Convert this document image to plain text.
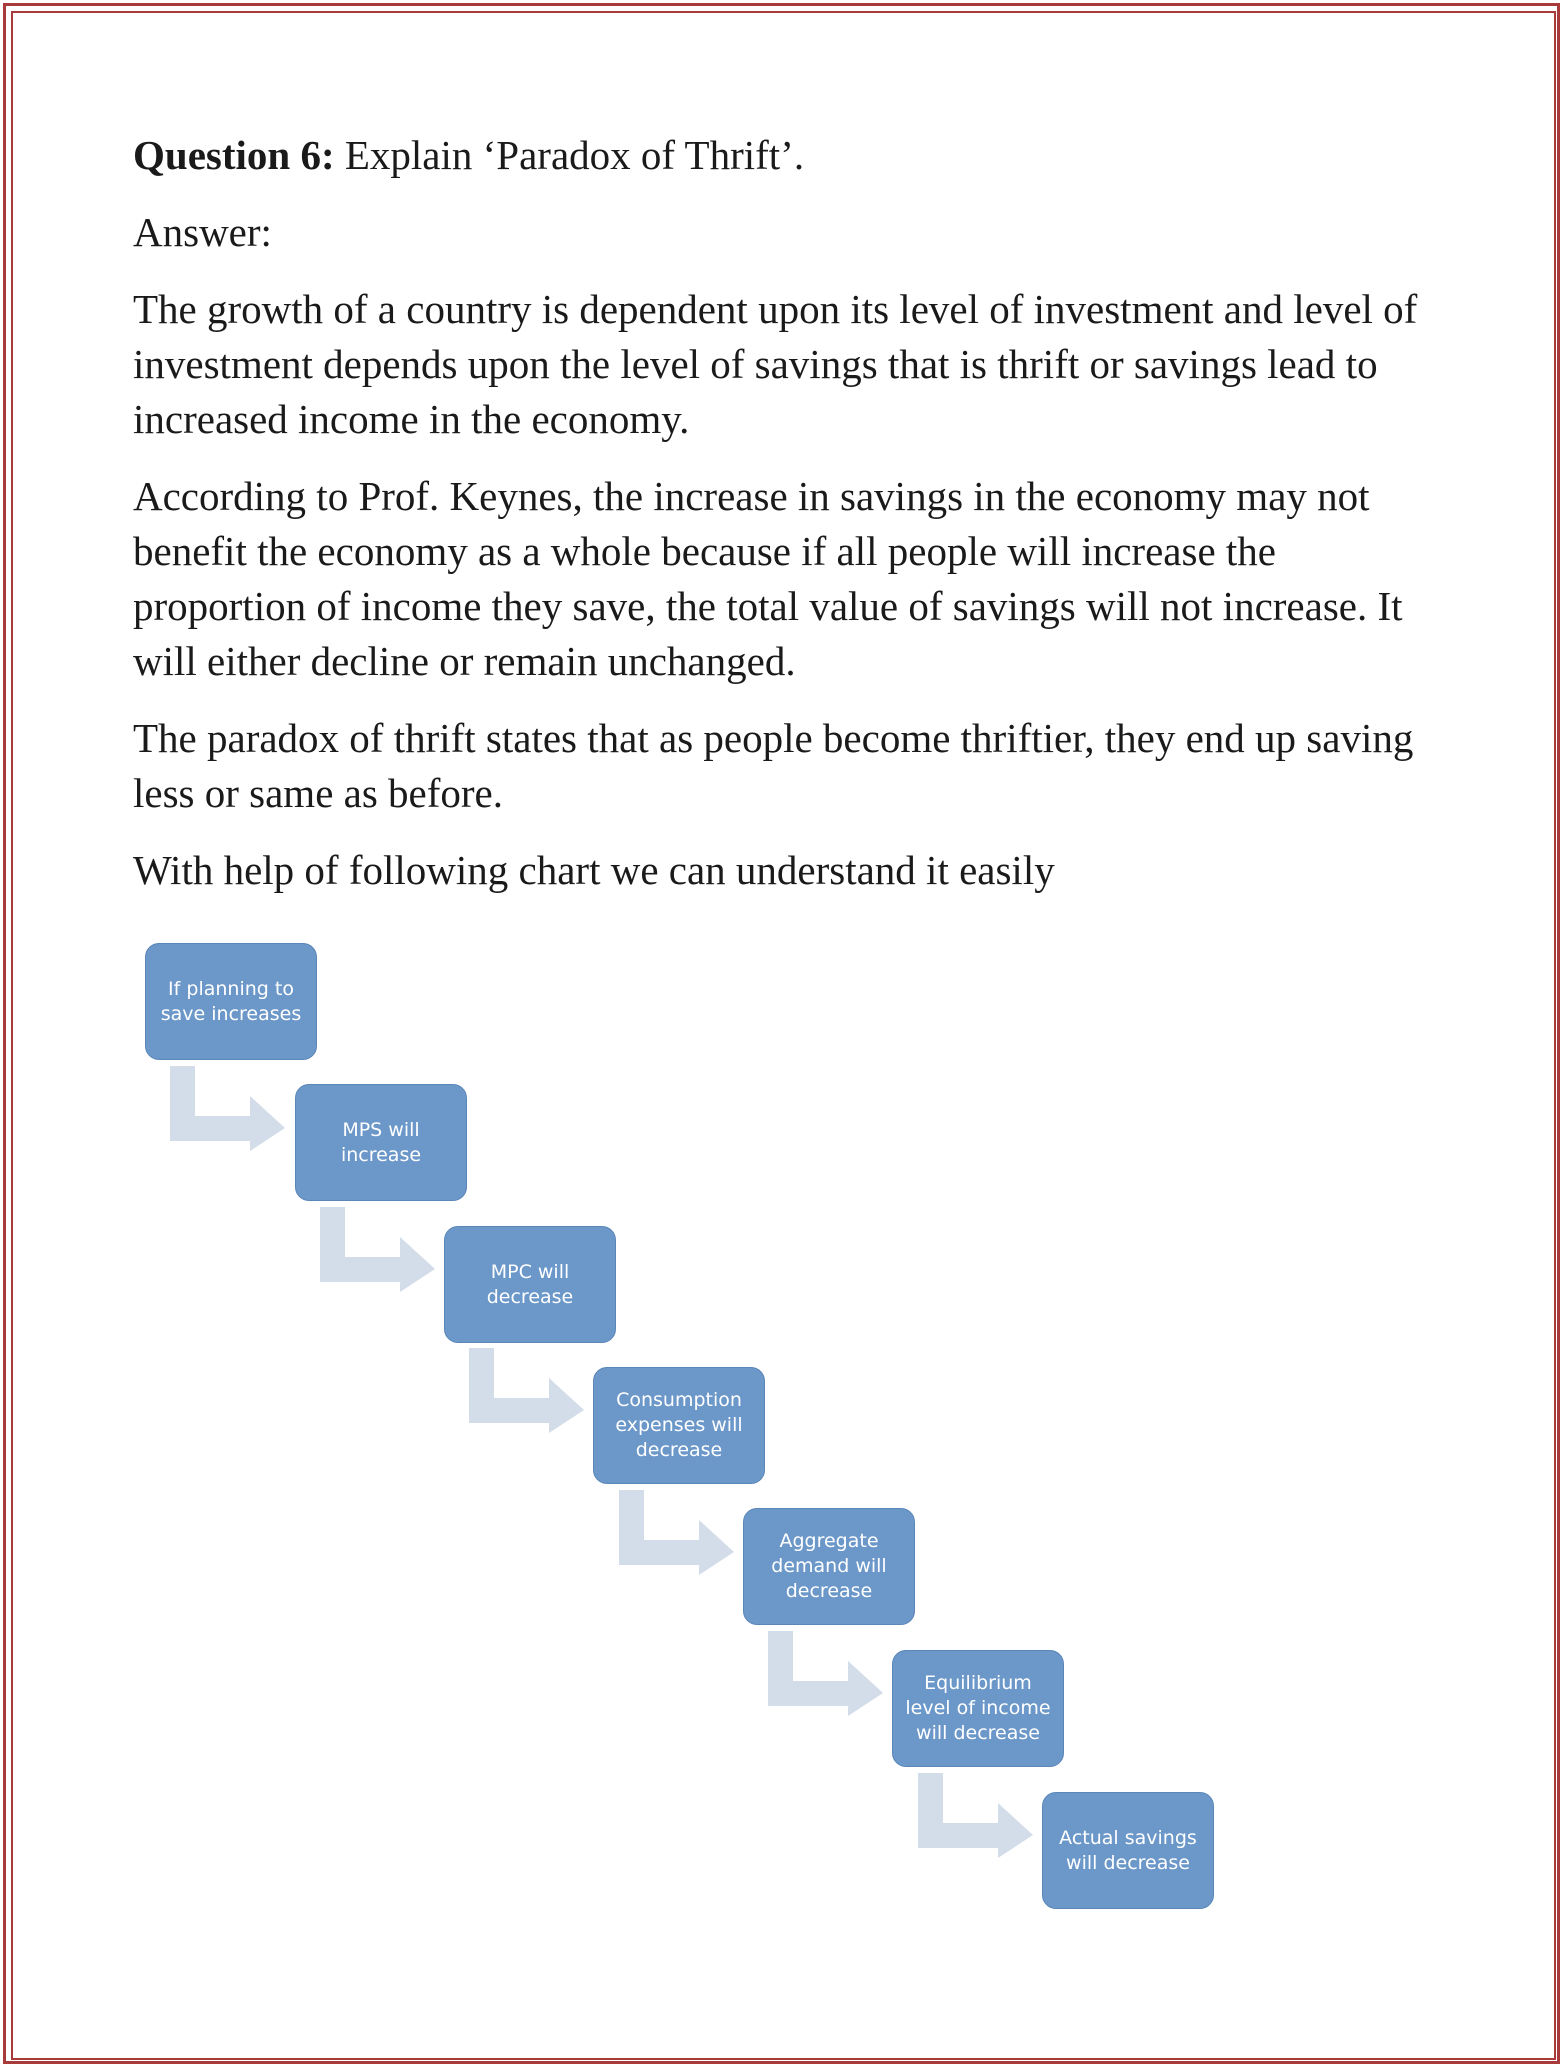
Question 6: Explain ‘Paradox of Thrift’.

Answer:

The growth of a country is dependent upon its level of investment and level of investment depends upon the level of savings that is thrift or savings lead to increased income in the economy.

According to Prof. Keynes, the increase in savings in the economy may not benefit the economy as a whole because if all people will increase the proportion of income they save, the total value of savings will not increase. It will either decline or remain unchanged.

The paradox of thrift states that as people become thriftier, they end up saving less or same as before.

With help of following chart we can understand it easily

If planning to save increases
MPS will increase
MPC will decrease
Consumption expenses will decrease
Aggregate demand will decrease
Equilibrium level of income will decrease
Actual savings will decrease
